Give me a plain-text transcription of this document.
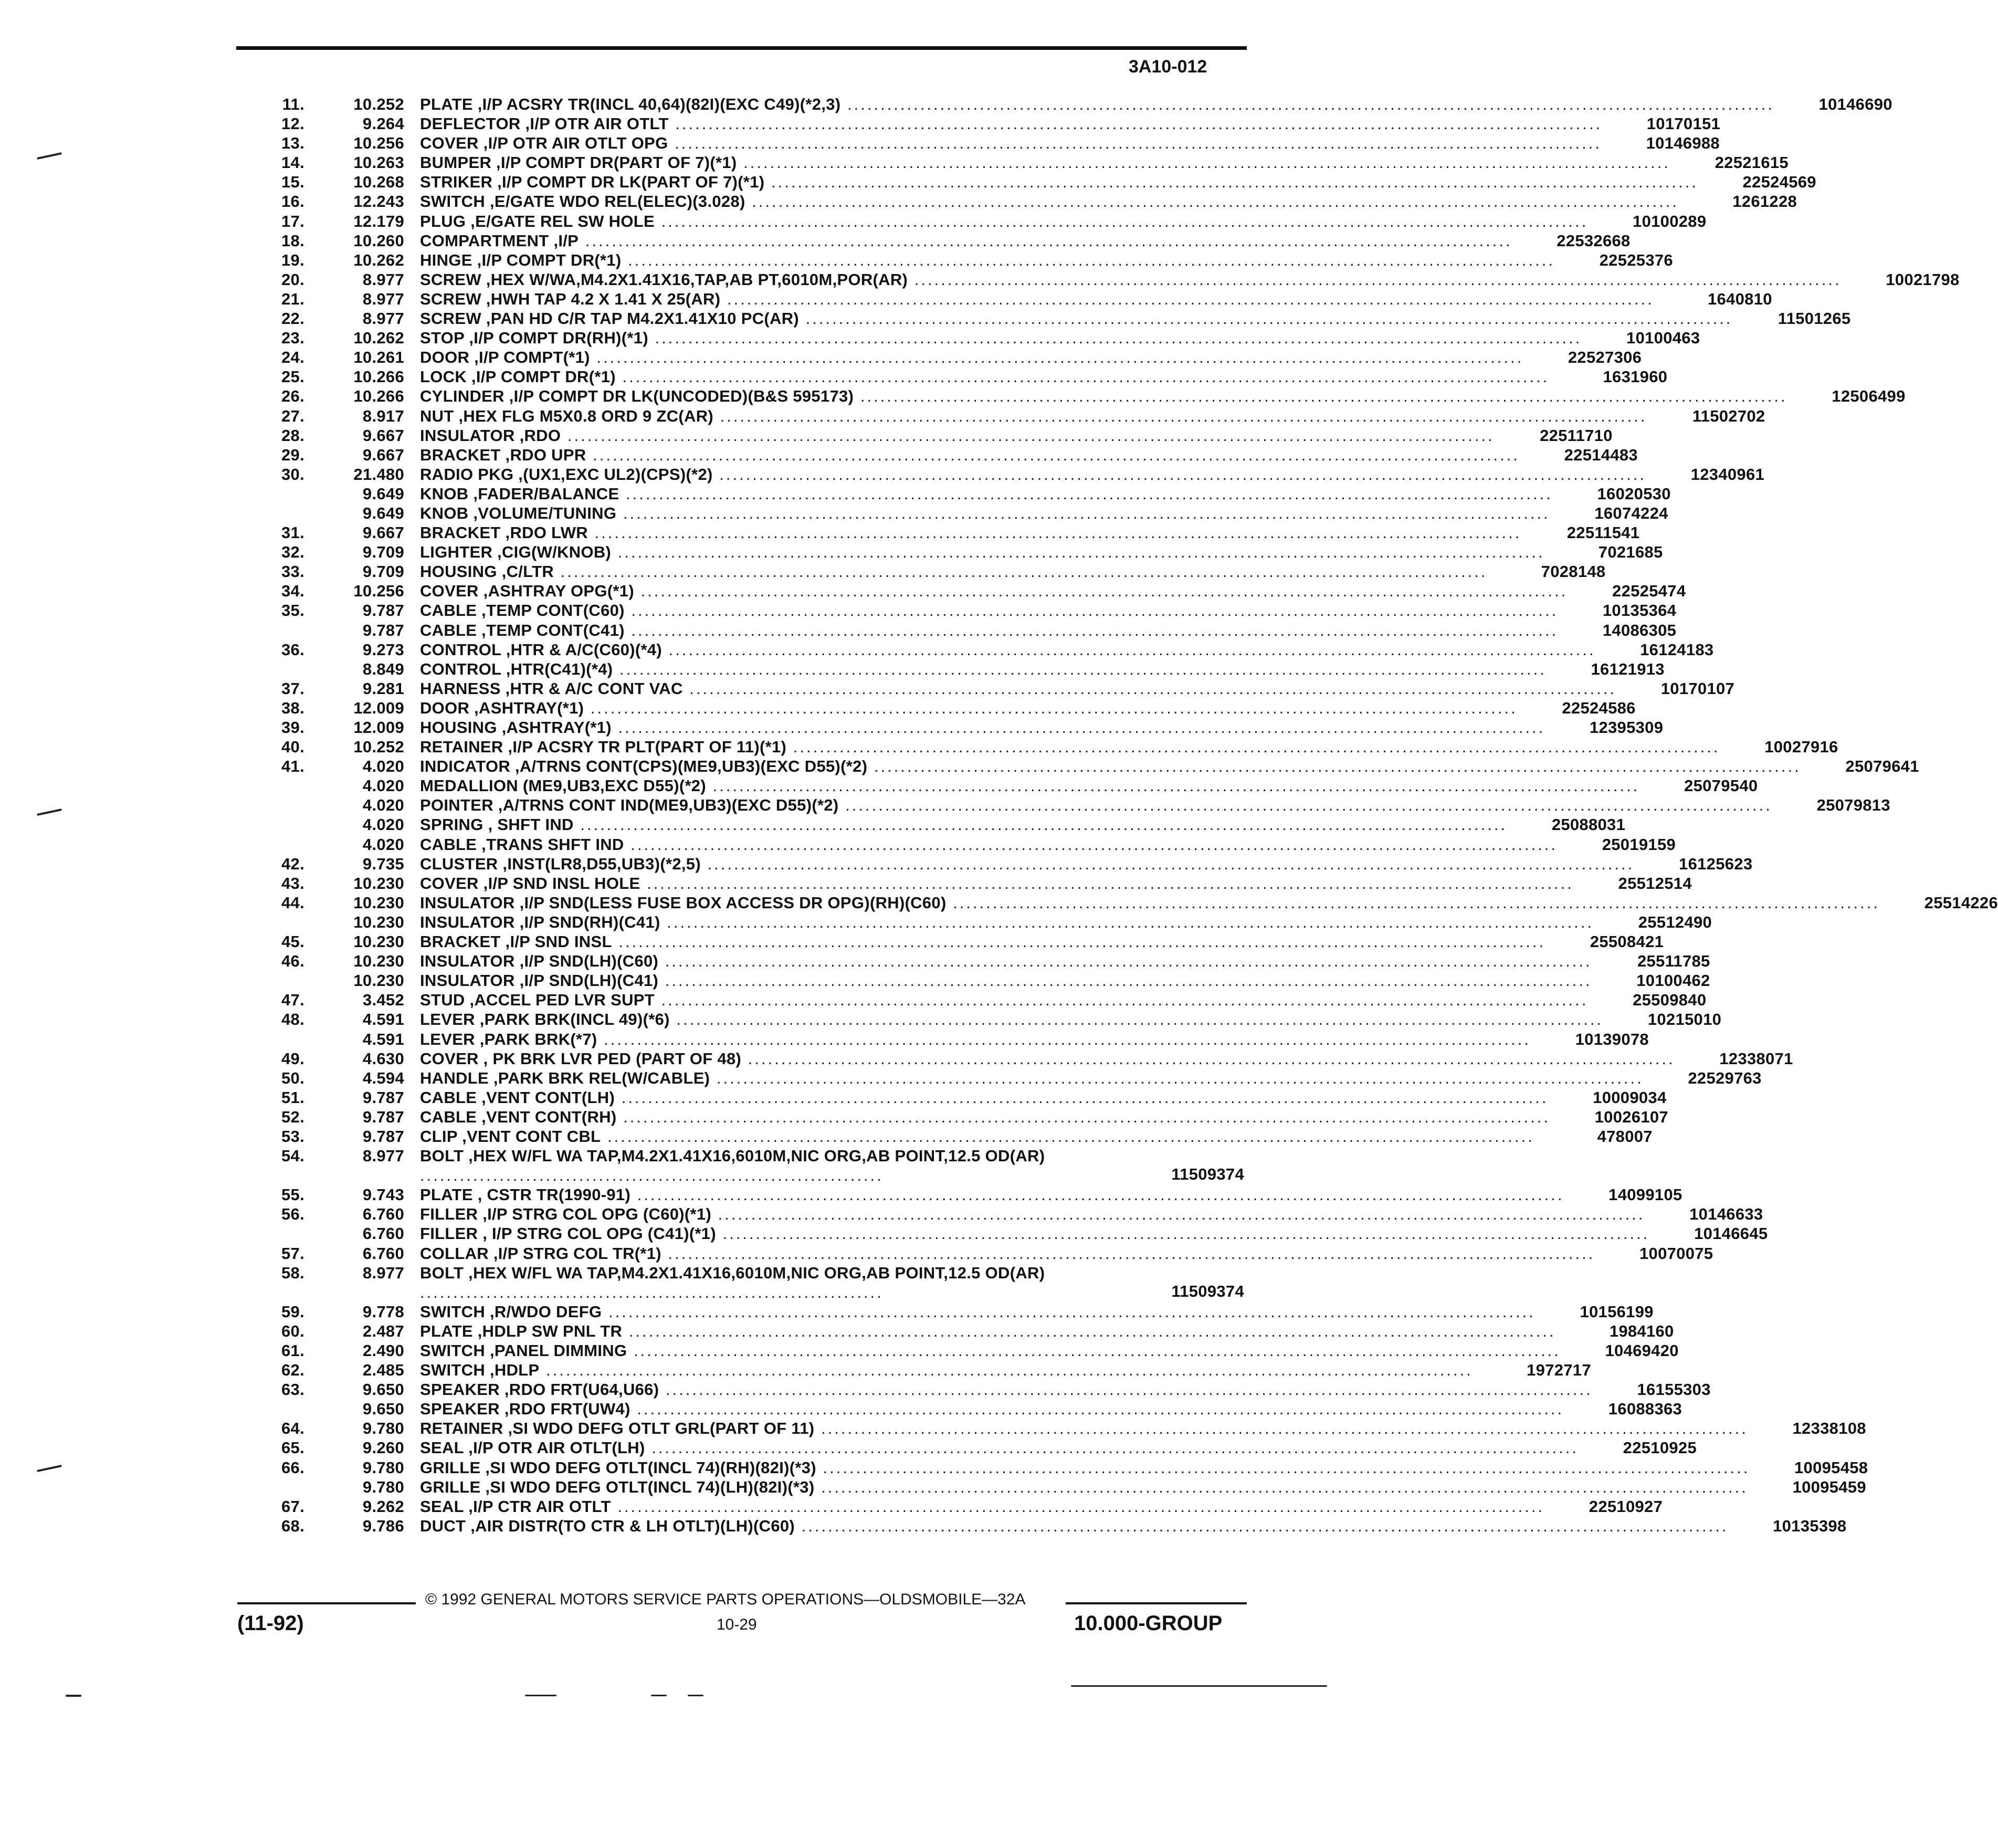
3A10-012
11.	10.252 PLATE ,I/P ACSRY TR(INCL 40,64)(82I)(EXC C49)(*2,3) ............................................................................................................................................	10146690
12.	9.264 DEFLECTOR ,I/P OTR AIR OTLT ............................................................................................................................................	10170151
13.	10.256 COVER ,I/P OTR AIR OTLT OPG ............................................................................................................................................	10146988
14.	10.263 BUMPER ,I/P COMPT DR(PART OF 7)(*1) ............................................................................................................................................	22521615
15.	10.268 STRIKER ,I/P COMPT DR LK(PART OF 7)(*1) ............................................................................................................................................	22524569
16.	12.243 SWITCH ,E/GATE WDO REL(ELEC)(3.028) ............................................................................................................................................	1261228
17.	12.179 PLUG ,E/GATE REL SW HOLE ............................................................................................................................................	10100289
18.	10.260 COMPARTMENT ,I/P ............................................................................................................................................	22532668
19.	10.262 HINGE ,I/P COMPT DR(*1) ............................................................................................................................................	22525376
20.	8.977 SCREW ,HEX W/WA,M4.2X1.41X16,TAP,AB PT,6010M,POR(AR) ............................................................................................................................................	10021798
21.	8.977 SCREW ,HWH TAP 4.2 X 1.41 X 25(AR) ............................................................................................................................................	1640810
22.	8.977 SCREW ,PAN HD C/R TAP M4.2X1.41X10 PC(AR) ............................................................................................................................................	11501265
23.	10.262 STOP ,I/P COMPT DR(RH)(*1) ............................................................................................................................................	10100463
24.	10.261 DOOR ,I/P COMPT(*1) ............................................................................................................................................	22527306
25.	10.266 LOCK ,I/P COMPT DR(*1) ............................................................................................................................................	1631960
26.	10.266 CYLINDER ,I/P COMPT DR LK(UNCODED)(B&S 595173) ............................................................................................................................................	12506499
27.	8.917 NUT ,HEX FLG M5X0.8 ORD 9 ZC(AR) ............................................................................................................................................	11502702
28.	9.667 INSULATOR ,RDO ............................................................................................................................................	22511710
29.	9.667 BRACKET ,RDO UPR ............................................................................................................................................	22514483
30.	21.480 RADIO PKG ,(UX1,EXC UL2)(CPS)(*2) ............................................................................................................................................	12340961
9.649 KNOB ,FADER/BALANCE ............................................................................................................................................	16020530
9.649 KNOB ,VOLUME/TUNING ............................................................................................................................................	16074224
31.	9.667 BRACKET ,RDO LWR ............................................................................................................................................	22511541
32.	9.709 LIGHTER ,CIG(W/KNOB) ............................................................................................................................................	7021685
33.	9.709 HOUSING ,C/LTR ............................................................................................................................................	7028148
34.	10.256 COVER ,ASHTRAY OPG(*1) ............................................................................................................................................	22525474
35.	9.787 CABLE ,TEMP CONT(C60) ............................................................................................................................................	10135364
9.787 CABLE ,TEMP CONT(C41) ............................................................................................................................................	14086305
36.	9.273 CONTROL ,HTR & A/C(C60)(*4) ............................................................................................................................................	16124183
8.849 CONTROL ,HTR(C41)(*4) ............................................................................................................................................	16121913
37.	9.281 HARNESS ,HTR & A/C CONT VAC ............................................................................................................................................	10170107
38.	12.009 DOOR ,ASHTRAY(*1) ............................................................................................................................................	22524586
39.	12.009 HOUSING ,ASHTRAY(*1) ............................................................................................................................................	12395309
40.	10.252 RETAINER ,I/P ACSRY TR PLT(PART OF 11)(*1) ............................................................................................................................................	10027916
41.	4.020 INDICATOR ,A/TRNS CONT(CPS)(ME9,UB3)(EXC D55)(*2) ............................................................................................................................................	25079641
4.020 MEDALLION (ME9,UB3,EXC D55)(*2) ............................................................................................................................................	25079540
4.020 POINTER ,A/TRNS CONT IND(ME9,UB3)(EXC D55)(*2) ............................................................................................................................................	25079813
4.020 SPRING , SHFT IND ............................................................................................................................................	25088031
4.020 CABLE ,TRANS SHFT IND ............................................................................................................................................	25019159
42.	9.735 CLUSTER ,INST(LR8,D55,UB3)(*2,5) ............................................................................................................................................	16125623
43.	10.230 COVER ,I/P SND INSL HOLE ............................................................................................................................................	25512514
44.	10.230 INSULATOR ,I/P SND(LESS FUSE BOX ACCESS DR OPG)(RH)(C60) ............................................................................................................................................	25514226
10.230 INSULATOR ,I/P SND(RH)(C41) ............................................................................................................................................	25512490
45.	10.230 BRACKET ,I/P SND INSL ............................................................................................................................................	25508421
46.	10.230 INSULATOR ,I/P SND(LH)(C60) ............................................................................................................................................	25511785
10.230 INSULATOR ,I/P SND(LH)(C41) ............................................................................................................................................	10100462
47.	3.452 STUD ,ACCEL PED LVR SUPT ............................................................................................................................................	25509840
48.	4.591 LEVER ,PARK BRK(INCL 49)(*6) ............................................................................................................................................	10215010
4.591 LEVER ,PARK BRK(*7) ............................................................................................................................................	10139078
49.	4.630 COVER , PK BRK LVR PED (PART OF 48) ............................................................................................................................................	12338071
50.	4.594 HANDLE ,PARK BRK REL(W/CABLE) ............................................................................................................................................	22529763
51.	9.787 CABLE ,VENT CONT(LH) ............................................................................................................................................	10009034
52.	9.787 CABLE ,VENT CONT(RH) ............................................................................................................................................	10026107
53.	9.787 CLIP ,VENT CONT CBL ............................................................................................................................................	478007
54.	8.977 BOLT ,HEX W/FL WA TAP,M4.2X1.41X16,6010M,NIC ORG,AB POINT,12.5 OD(AR) ......................................................................	11509374
55.	9.743 PLATE , CSTR TR(1990-91) ............................................................................................................................................	14099105
56.	6.760 FILLER ,I/P STRG COL OPG (C60)(*1) ............................................................................................................................................	10146633
6.760 FILLER , I/P STRG COL OPG (C41)(*1) ............................................................................................................................................	10146645
57.	6.760 COLLAR ,I/P STRG COL TR(*1) ............................................................................................................................................	10070075
58.	8.977 BOLT ,HEX W/FL WA TAP,M4.2X1.41X16,6010M,NIC ORG,AB POINT,12.5 OD(AR) ......................................................................	11509374
59.	9.778 SWITCH ,R/WDO DEFG ............................................................................................................................................	10156199
60.	2.487 PLATE ,HDLP SW PNL TR ............................................................................................................................................	1984160
61.	2.490 SWITCH ,PANEL DIMMING ............................................................................................................................................	10469420
62.	2.485 SWITCH ,HDLP ............................................................................................................................................	1972717
63.	9.650 SPEAKER ,RDO FRT(U64,U66) ............................................................................................................................................	16155303
9.650 SPEAKER ,RDO FRT(UW4) ............................................................................................................................................	16088363
64.	9.780 RETAINER ,SI WDO DEFG OTLT GRL(PART OF 11) ............................................................................................................................................	12338108
65.	9.260 SEAL ,I/P OTR AIR OTLT(LH) ............................................................................................................................................	22510925
66.	9.780 GRILLE ,SI WDO DEFG OTLT(INCL 74)(RH)(82I)(*3) ............................................................................................................................................	10095458
9.780 GRILLE ,SI WDO DEFG OTLT(INCL 74)(LH)(82I)(*3) ............................................................................................................................................	10095459
67.	9.262 SEAL ,I/P CTR AIR OTLT ............................................................................................................................................	22510927
68.	9.786 DUCT ,AIR DISTR(TO CTR & LH OTLT)(LH)(C60) ............................................................................................................................................	10135398
© 1992 GENERAL MOTORS SERVICE PARTS OPERATIONS—OLDSMOBILE—32A
(11-92)	10-29	10.000-GROUP
